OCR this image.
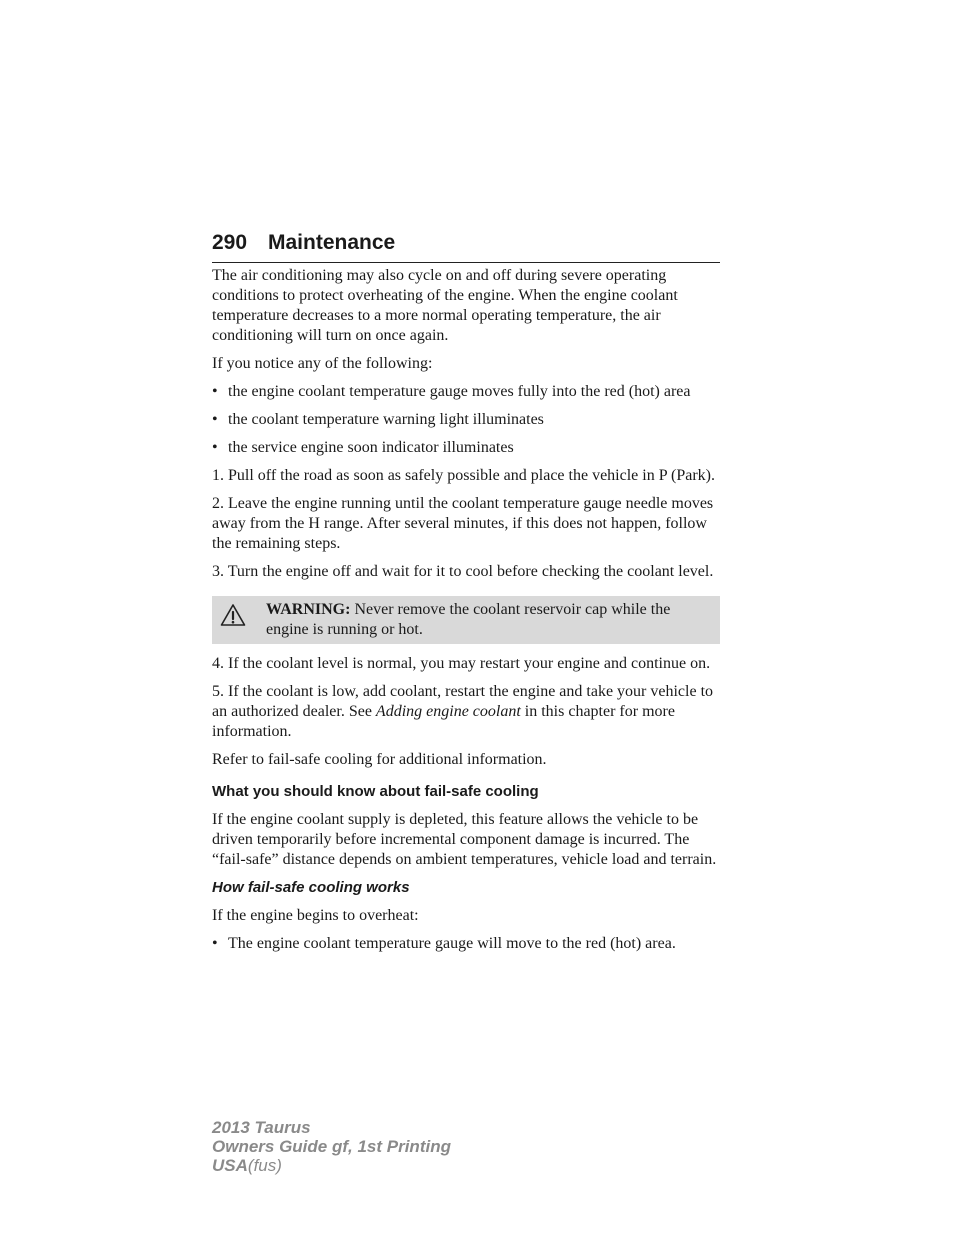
290 Maintenance

The air conditioning may also cycle on and off during severe operating conditions to protect overheating of the engine. When the engine coolant temperature decreases to a more normal operating temperature, the air conditioning will turn on once again.

If you notice any of the following:

• the engine coolant temperature gauge moves fully into the red (hot) area
• the coolant temperature warning light illuminates
• the service engine soon indicator illuminates

1. Pull off the road as soon as safely possible and place the vehicle in P (Park).

2. Leave the engine running until the coolant temperature gauge needle moves away from the H range. After several minutes, if this does not happen, follow the remaining steps.

3. Turn the engine off and wait for it to cool before checking the coolant level.

WARNING: Never remove the coolant reservoir cap while the engine is running or hot.

4. If the coolant level is normal, you may restart your engine and continue on.

5. If the coolant is low, add coolant, restart the engine and take your vehicle to an authorized dealer. See Adding engine coolant in this chapter for more information.

Refer to fail-safe cooling for additional information.

What you should know about fail-safe cooling

If the engine coolant supply is depleted, this feature allows the vehicle to be driven temporarily before incremental component damage is incurred. The “fail-safe” distance depends on ambient temperatures, vehicle load and terrain.

How fail-safe cooling works

If the engine begins to overheat:

• The engine coolant temperature gauge will move to the red (hot) area.
2013 Taurus
Owners Guide gf, 1st Printing
USA(fus)
